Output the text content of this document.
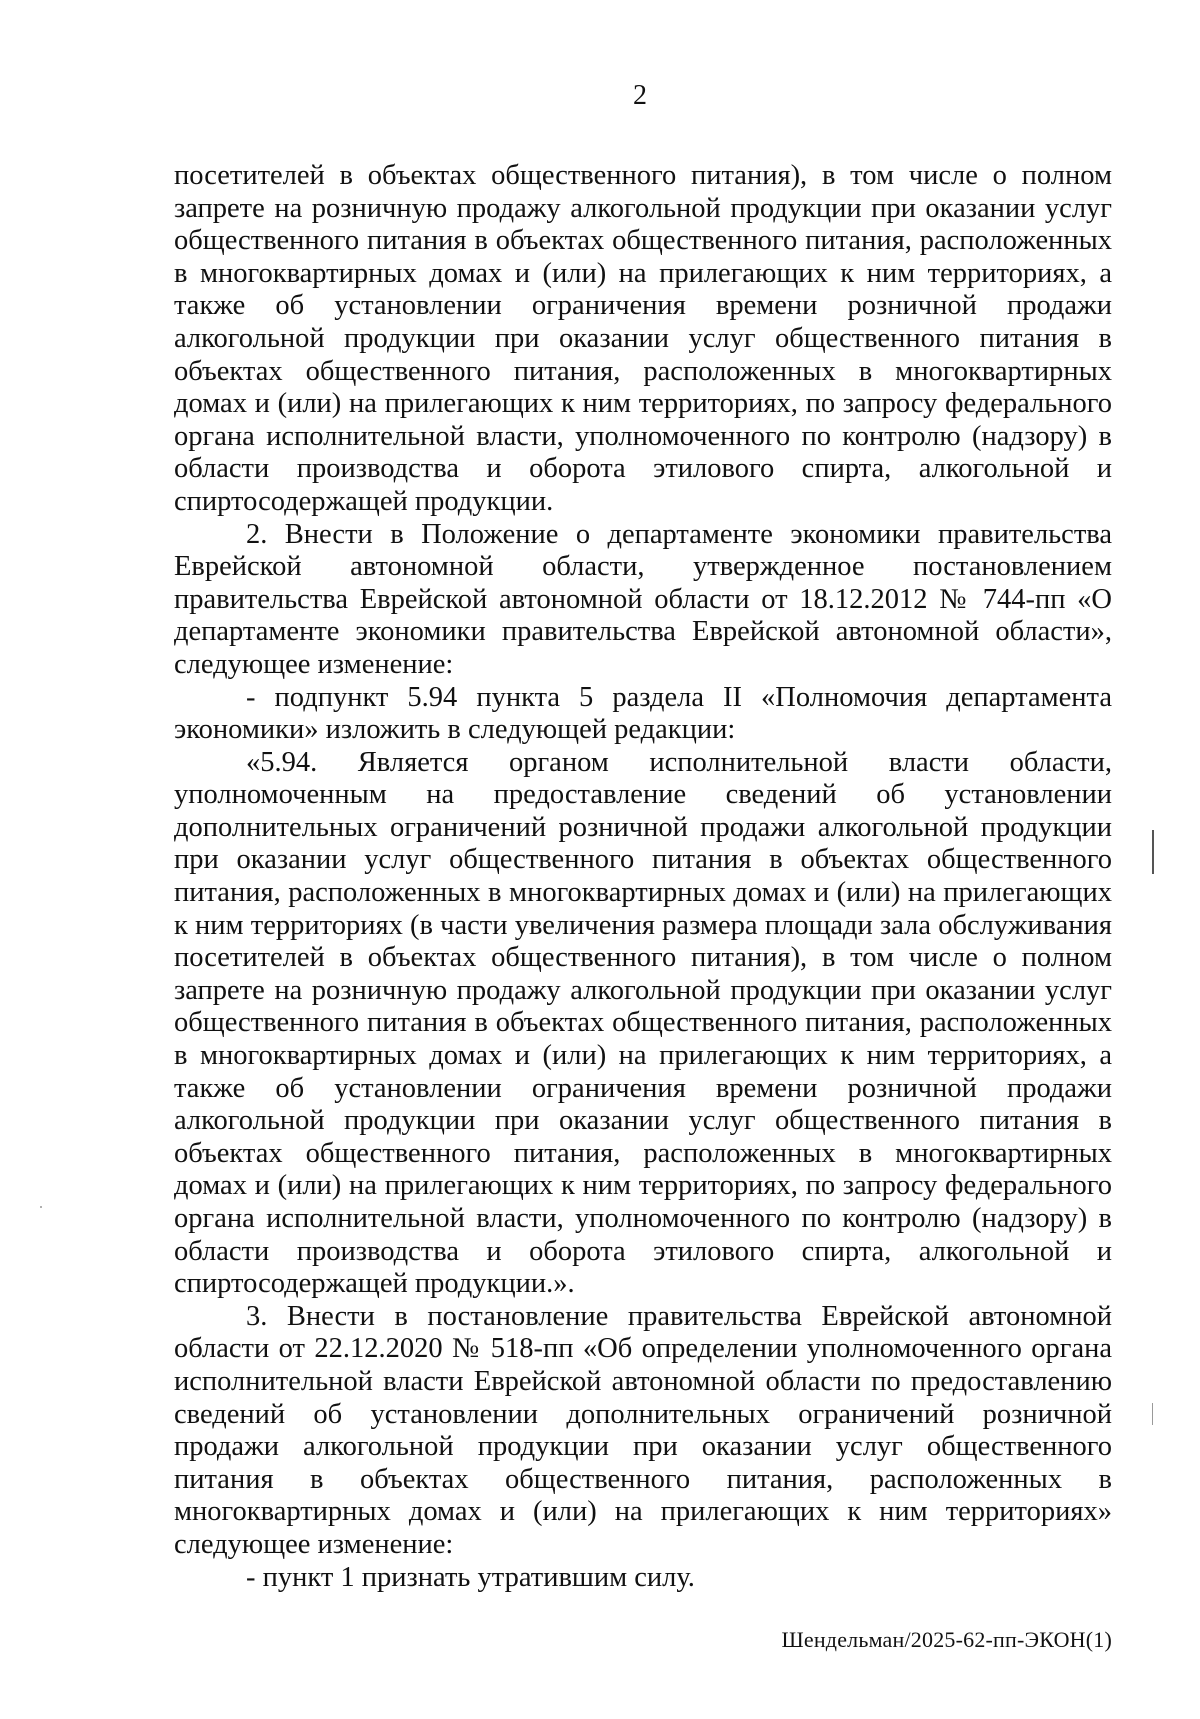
2

посетителей в объектах общественного питания), в том числе о полном запрете на розничную продажу алкогольной продукции при оказании услуг общественного питания в объектах общественного питания, расположенных в многоквартирных домах и (или) на прилегающих к ним территориях, а также об установлении ограничения времени розничной продажи алкогольной продукции при оказании услуг общественного питания в объектах общественного питания, расположенных в многоквартирных домах и (или) на прилегающих к ним территориях, по запросу федерального органа исполнительной власти, уполномоченного по контролю (надзору) в области производства и оборота этилового спирта, алкогольной и спиртосодержащей продукции.

2. Внести в Положение о департаменте экономики правительства Еврейской автономной области, утвержденное постановлением правительства Еврейской автономной области от 18.12.2012 № 744-пп «О департаменте экономики правительства Еврейской автономной области», следующее изменение:

- подпункт 5.94 пункта 5 раздела II «Полномочия департамента экономики» изложить в следующей редакции:

«5.94. Является органом исполнительной власти области, уполномоченным на предоставление сведений об установлении дополнительных ограничений розничной продажи алкогольной продукции при оказании услуг общественного питания в объектах общественного питания, расположенных в многоквартирных домах и (или) на прилегающих к ним территориях (в части увеличения размера площади зала обслуживания посетителей в объектах общественного питания), в том числе о полном запрете на розничную продажу алкогольной продукции при оказании услуг общественного питания в объектах общественного питания, расположенных в многоквартирных домах и (или) на прилегающих к ним территориях, а также об установлении ограничения времени розничной продажи алкогольной продукции при оказании услуг общественного питания в объектах общественного питания, расположенных в многоквартирных домах и (или) на прилегающих к ним территориях, по запросу федерального органа исполнительной власти, уполномоченного по контролю (надзору) в области производства и оборота этилового спирта, алкогольной и спиртосодержащей продукции.».

3. Внести в постановление правительства Еврейской автономной области от 22.12.2020 № 518-пп «Об определении уполномоченного органа исполнительной власти Еврейской автономной области по предоставлению сведений об установлении дополнительных ограничений розничной продажи алкогольной продукции при оказании услуг общественного питания в объектах общественного питания, расположенных в многоквартирных домах и (или) на прилегающих к ним территориях» следующее изменение:

- пункт 1 признать утратившим силу.

Шендельман/2025-62-пп-ЭКОН(1)
